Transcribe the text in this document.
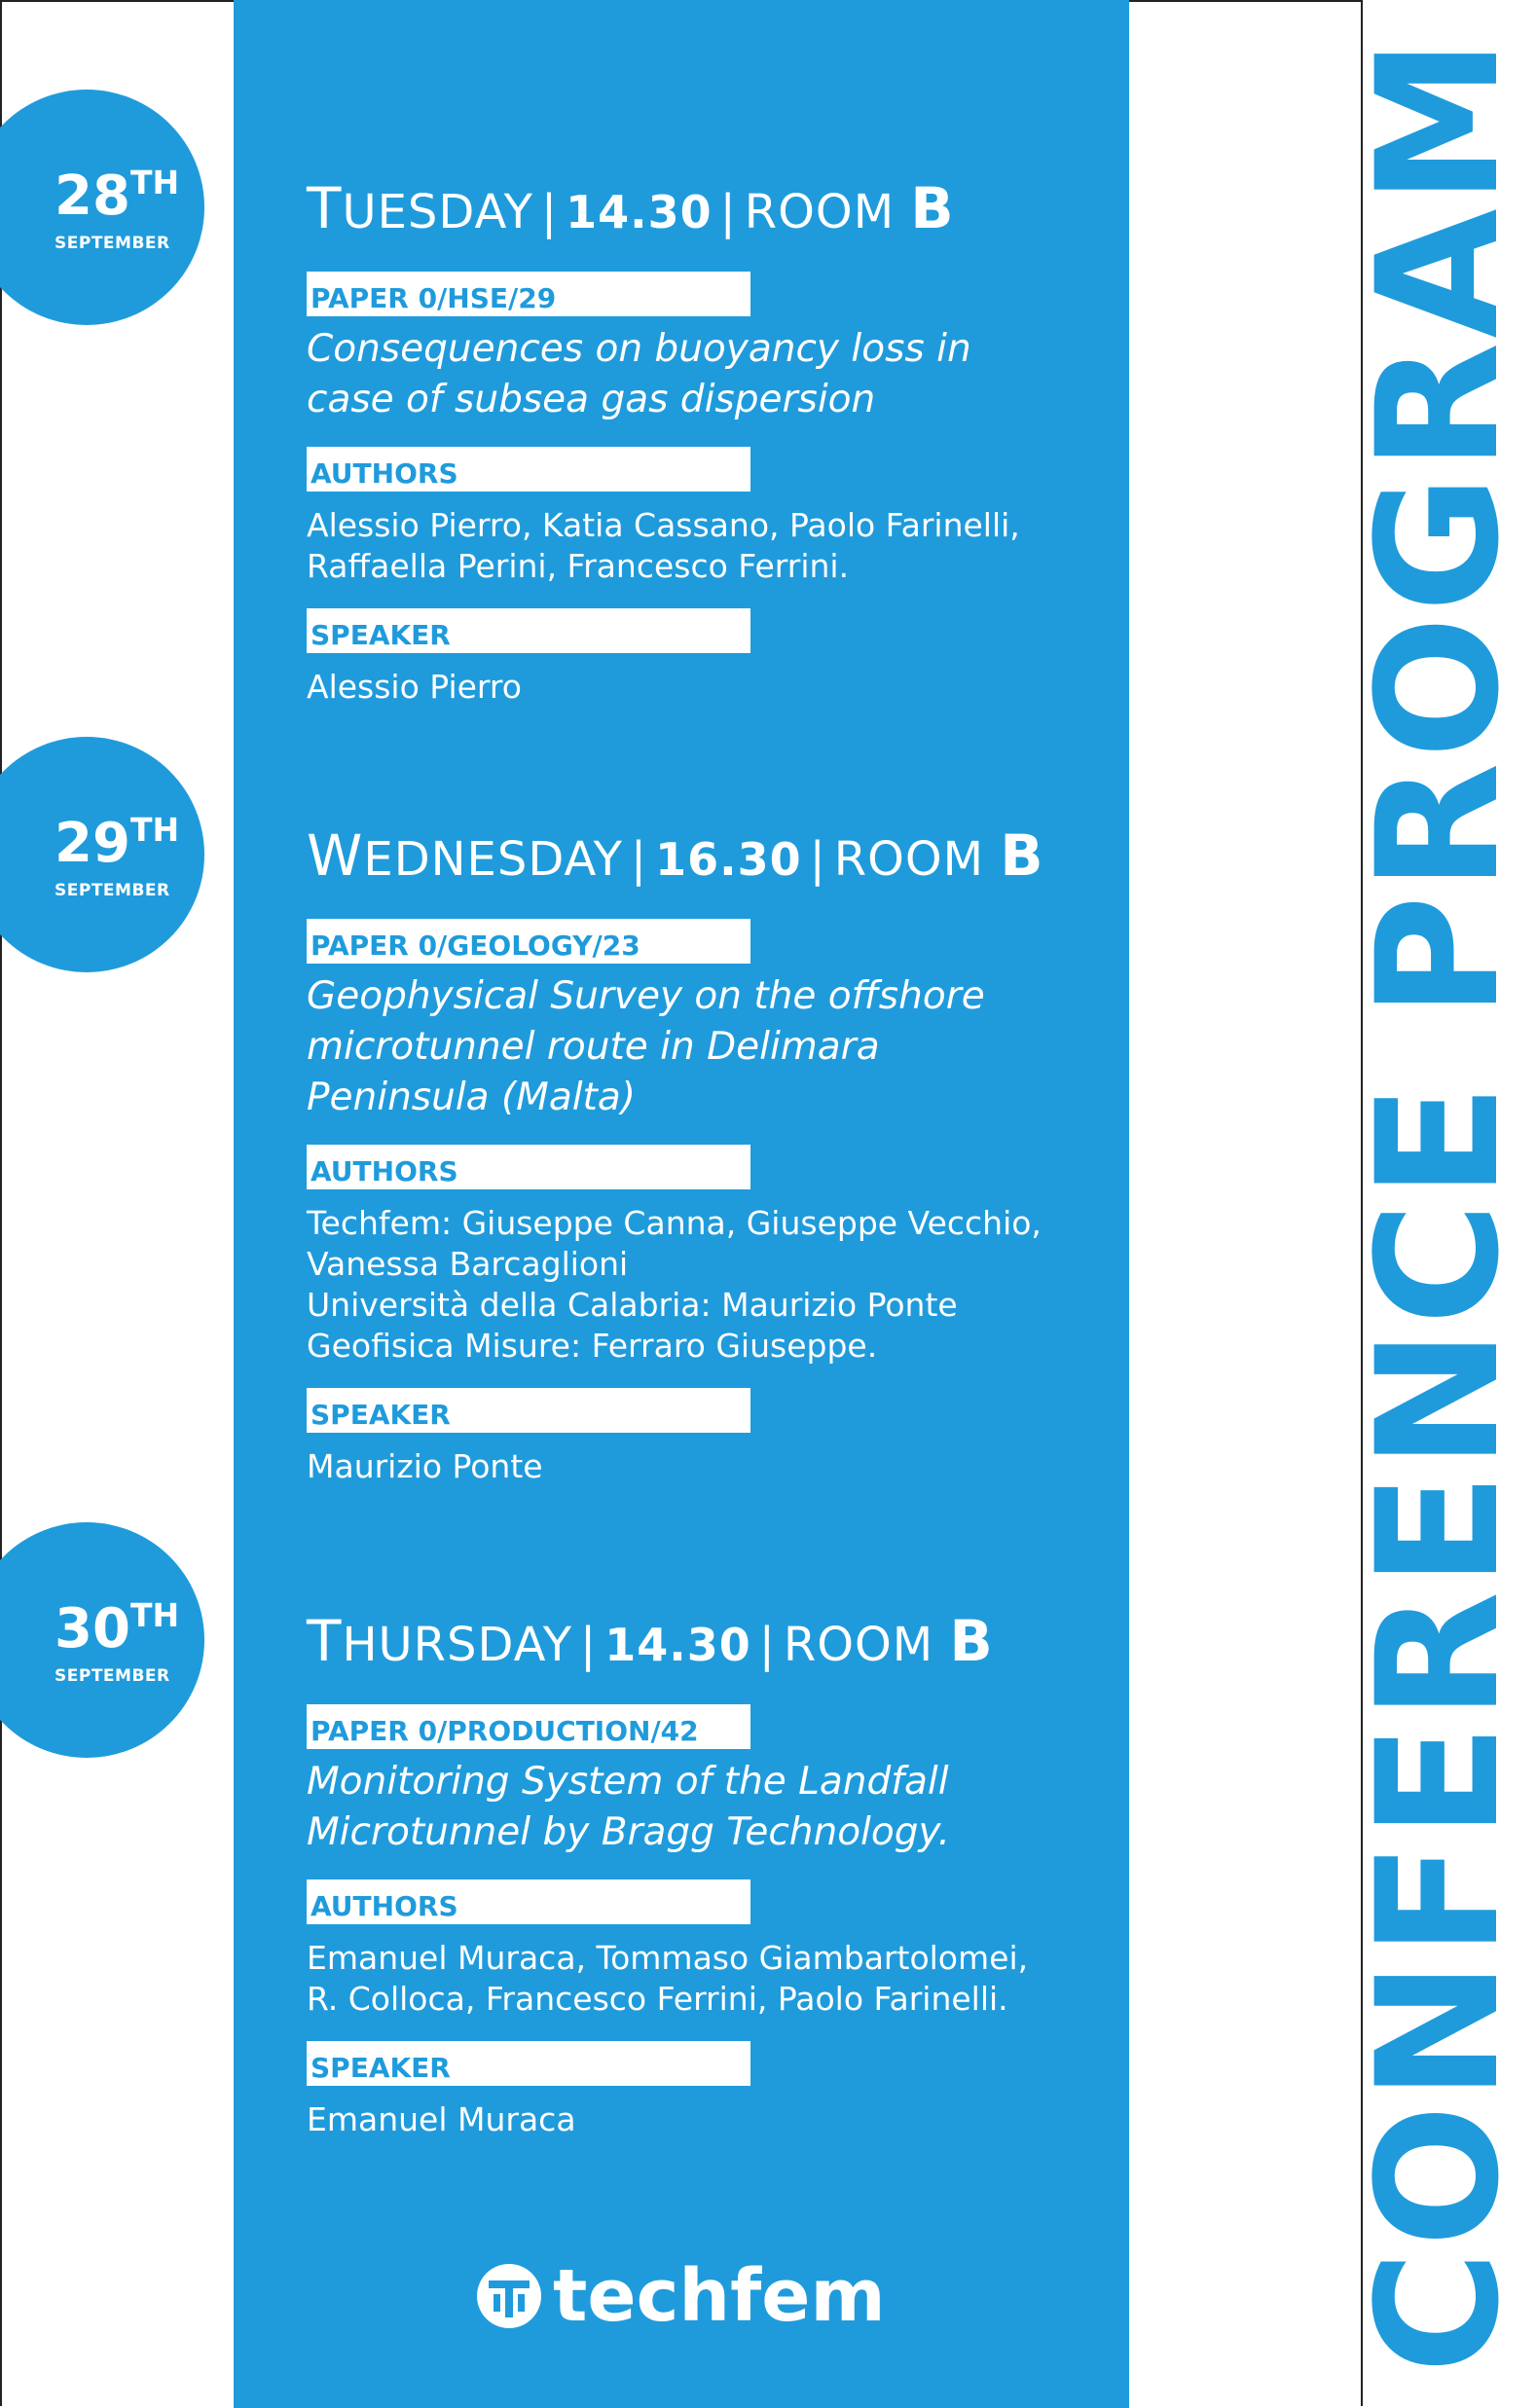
28TH
SEPTEMBER
29TH
SEPTEMBER
30TH
SEPTEMBER
TUESDAY | 14.30 | ROOM B
PAPER 0/HSE/29
Consequences on buoyancy loss in
case of subsea gas dispersion
AUTHORS
Alessio Pierro, Katia Cassano, Paolo Farinelli,
Raffaella Perini, Francesco Ferrini.
SPEAKER
Alessio Pierro
WEDNESDAY | 16.30 | ROOM B
PAPER 0/GEOLOGY/23
Geophysical Survey on the offshore
microtunnel route in Delimara
Peninsula (Malta)
AUTHORS
Techfem: Giuseppe Canna, Giuseppe Vecchio,
Vanessa Barcaglioni
Università della Calabria: Maurizio Ponte
Geofisica Misure: Ferraro Giuseppe.
SPEAKER
Maurizio Ponte
THURSDAY | 14.30 | ROOM B
PAPER 0/PRODUCTION/42
Monitoring System of the Landfall
Microtunnel by Bragg Technology.
AUTHORS
Emanuel Muraca, Tommaso Giambartolomei,
R. Colloca, Francesco Ferrini, Paolo Farinelli.
SPEAKER
Emanuel Muraca
techfem	CONFERENCE PROGRAM
